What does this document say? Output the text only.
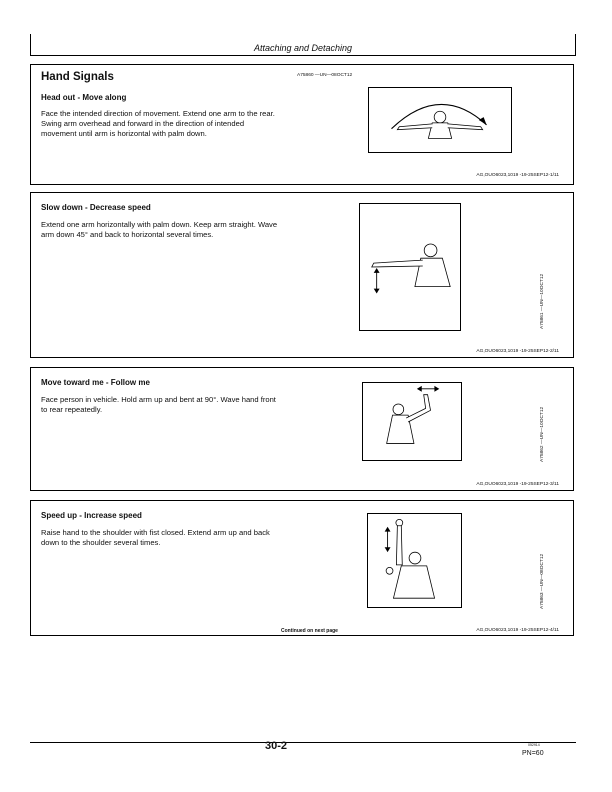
Attaching and Detaching
Hand Signals
Head out - Move along
Face the intended direction of movement. Extend one arm to the rear. Swing arm overhead and forward in the direction of intended movement until arm is horizontal with palm down.
A75860 —UN—08OCT12
AG,OUO6023,1019 -19-25SEP12-1/11
Slow down - Decrease speed
Extend one arm horizontally with palm down. Keep arm straight. Wave arm down 45° and back to horizontal several times.
A75861 —UN—10OCT12
AG,OUO6023,1019 -19-25SEP12-2/11
Move toward me - Follow me
Face person in vehicle. Hold arm up and bent at 90°. Wave hand front to rear repeatedly.	A75862 —UN—10OCT12
AG,OUO6023,1019 -19-25SEP12-3/11
Speed up - Increase speed
Raise hand to the shoulder with fist closed. Extend arm up and back down to the shoulder several times.
A75863 —UN—08OCT12
Continued on next page	AG,OUO6023,1019 -19-25SEP12-4/11
30-2	052914
PN=60
